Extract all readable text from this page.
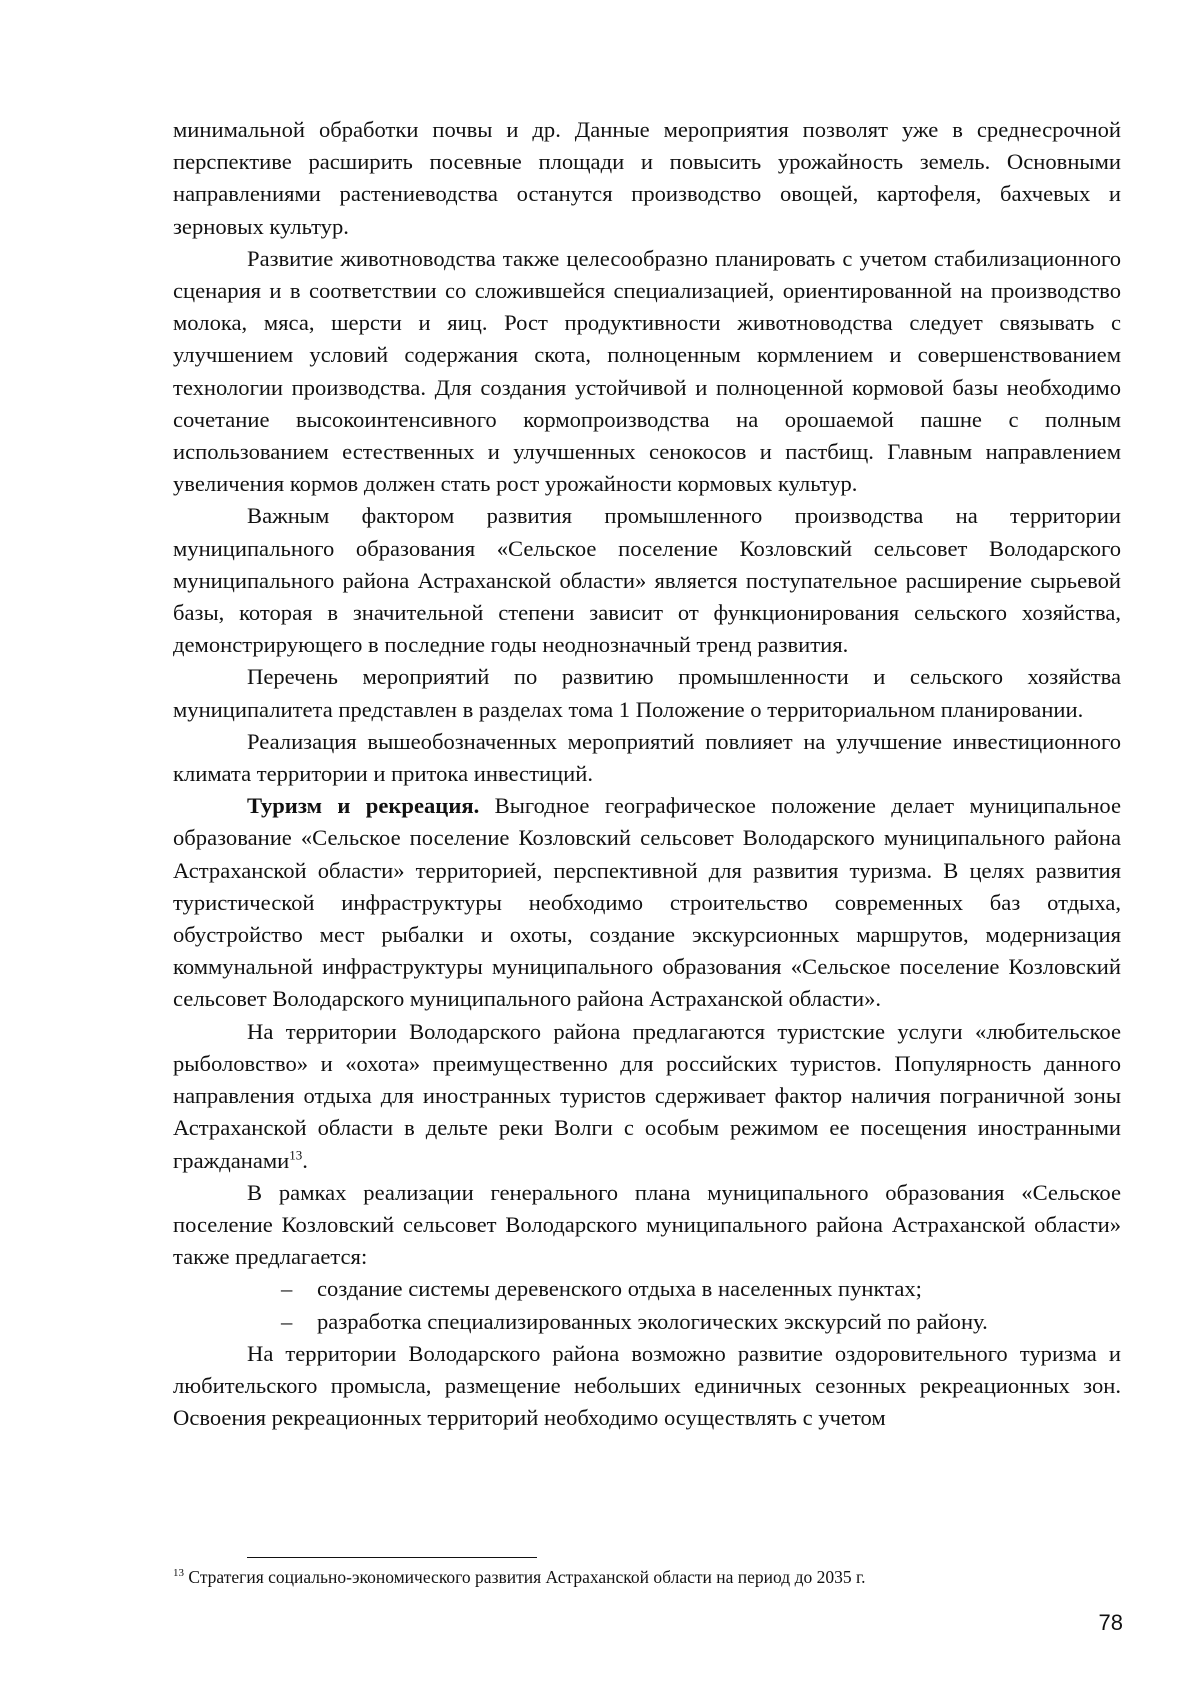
минимальной обработки почвы и др. Данные мероприятия позволят уже в среднесрочной перспективе расширить посевные площади и повысить урожайность земель. Основными направлениями растениеводства останутся производство овощей, картофеля, бахчевых и зерновых культур.

Развитие животноводства также целесообразно планировать с учетом стабилизационного сценария и в соответствии со сложившейся специализацией, ориентированной на производство молока, мяса, шерсти и яиц. Рост продуктивности животноводства следует связывать с улучшением условий содержания скота, полноценным кормлением и совершенствованием технологии производства. Для создания устойчивой и полноценной кормовой базы необходимо сочетание высокоинтенсивного кормопроизводства на орошаемой пашне с полным использованием естественных и улучшенных сенокосов и пастбищ. Главным направлением увеличения кормов должен стать рост урожайности кормовых культур.

Важным фактором развития промышленного производства на территории муниципального образования «Сельское поселение Козловский сельсовет Володарского муниципального района Астраханской области» является поступательное расширение сырьевой базы, которая в значительной степени зависит от функционирования сельского хозяйства, демонстрирующего в последние годы неоднозначный тренд развития.

Перечень мероприятий по развитию промышленности и сельского хозяйства муниципалитета представлен в разделах тома 1 Положение о территориальном планировании.

Реализация вышеобозначенных мероприятий повлияет на улучшение инвестиционного климата территории и притока инвестиций.

Туризм и рекреация. Выгодное географическое положение делает муниципальное образование «Сельское поселение Козловский сельсовет Володарского муниципального района Астраханской области» территорией, перспективной для развития туризма. В целях развития туристической инфраструктуры необходимо строительство современных баз отдыха, обустройство мест рыбалки и охоты, создание экскурсионных маршрутов, модернизация коммунальной инфраструктуры муниципального образования «Сельское поселение Козловский сельсовет Володарского муниципального района Астраханской области».

На территории Володарского района предлагаются туристские услуги «любительское рыболовство» и «охота» преимущественно для российских туристов. Популярность данного направления отдыха для иностранных туристов сдерживает фактор наличия пограничной зоны Астраханской области в дельте реки Волги с особым режимом ее посещения иностранными гражданами$^{13}$.

В рамках реализации генерального плана муниципального образования «Сельское поселение Козловский сельсовет Володарского муниципального района Астраханской области» также предлагается:

– создание системы деревенского отдыха в населенных пунктах;
– разработка специализированных экологических экскурсий по району.

На территории Володарского района возможно развитие оздоровительного туризма и любительского промысла, размещение небольших единичных сезонных рекреационных зон. Освоения рекреационных территорий необходимо осуществлять с учетом

$^{13}$ Стратегия социально-экономического развития Астраханской области на период до 2035 г.
78
